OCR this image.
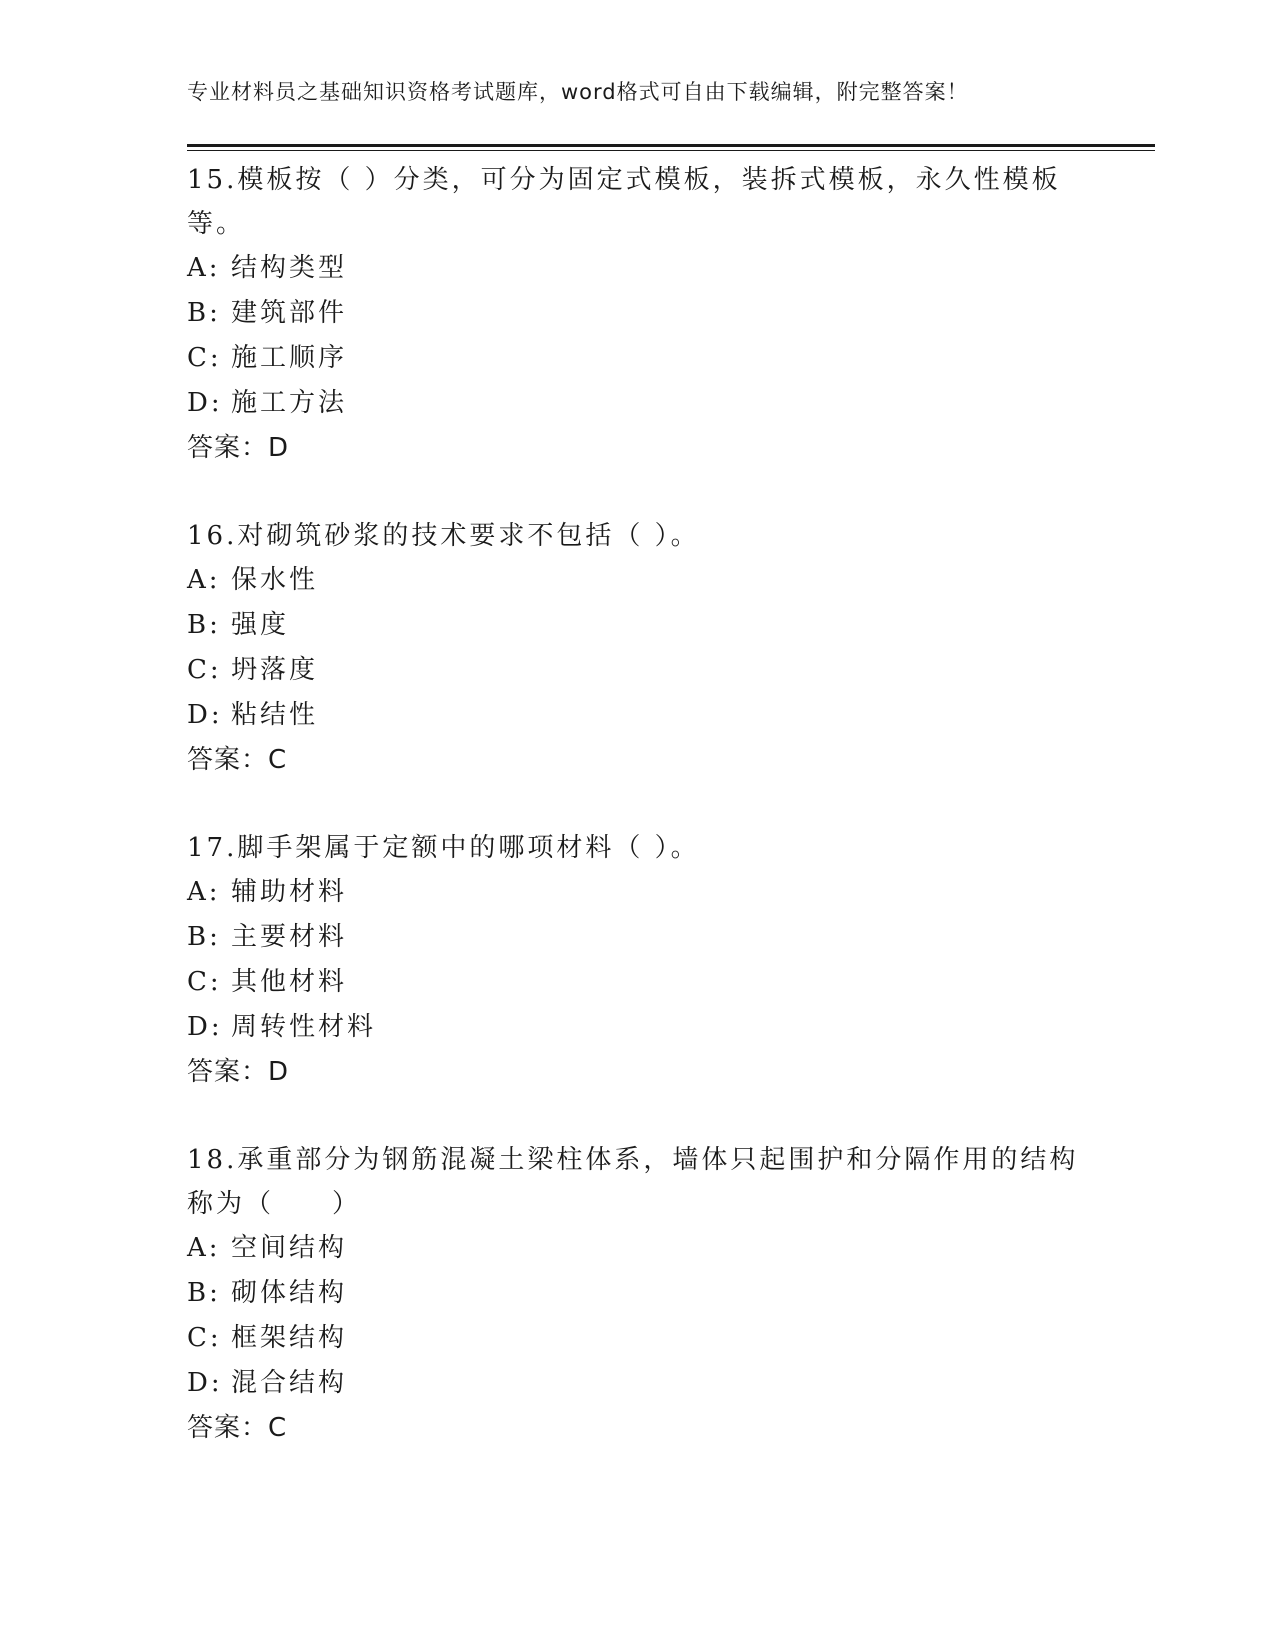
专业材料员之基础知识资格考试题库，word格式可自由下载编辑，附完整答案！
15.模板按（ ）分类，可分为固定式模板，装拆式模板，永久性模板等。
A: 结构类型
B: 建筑部件
C: 施工顺序
D: 施工方法
答案：D
16.对砌筑砂浆的技术要求不包括（ ）。
A: 保水性
B: 强度
C: 坍落度
D: 粘结性
答案：C
17.脚手架属于定额中的哪项材料（ ）。
A: 辅助材料
B: 主要材料
C: 其他材料
D: 周转性材料
答案：D
18.承重部分为钢筋混凝土梁柱体系，墙体只起围护和分隔作用的结构称为（　　）
A: 空间结构
B: 砌体结构
C: 框架结构
D: 混合结构
答案：C
